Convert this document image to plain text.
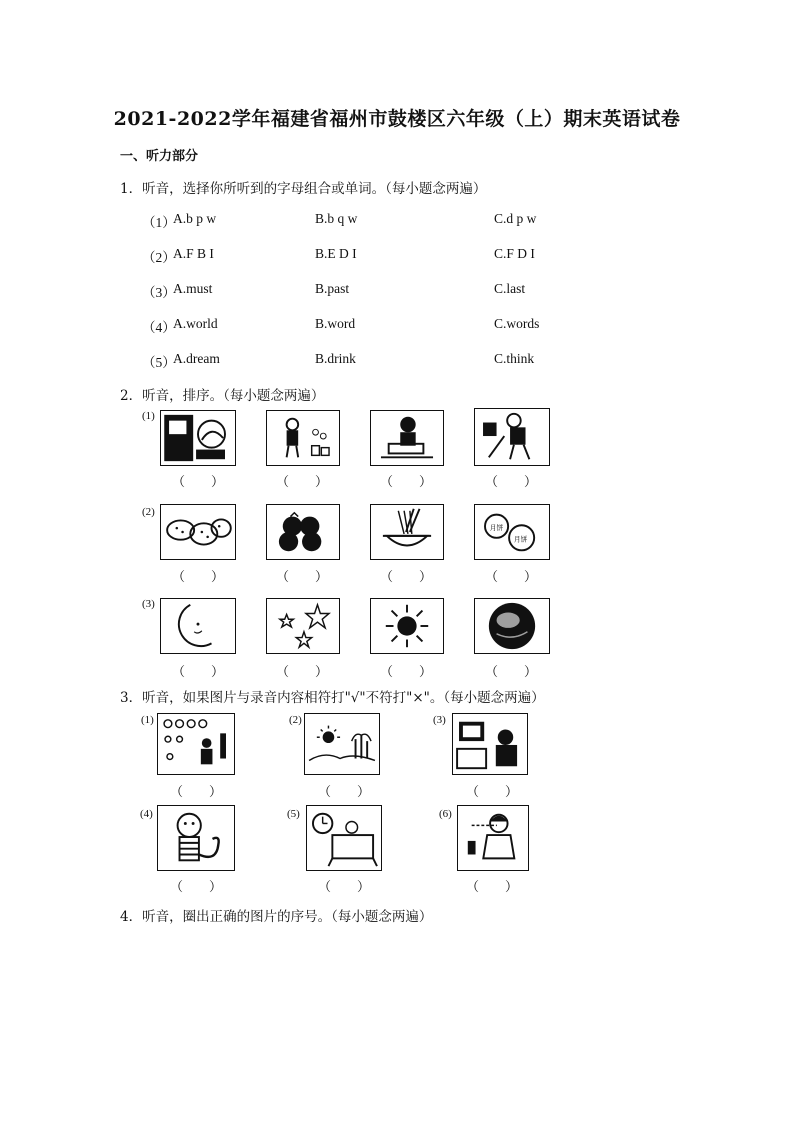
2021-2022学年福建省福州市鼓楼区六年级（上）期末英语试卷
一、听力部分
1．听音，选择你所听到的字母组合或单词。（每小题念两遍）
（1）
A.b p w	B.b q w	C.d p w
（2）
A.F B I	B.E D I	C.F D I
（3）
A.must	B.past	C.last
（4）
A.world	B.word	C.words
（5）
A.dream	B.drink	C.think
2．听音，排序。（每小题念两遍）
(1)
（　　）	（　　）	（　　）	（　　）
(2)
月饼
月饼
（　　）	（　　）	（　　）	（　　）
(3)
（　　）	（　　）	（　　）	（　　）
3．听音，如果图片与录音内容相符打"√"不符打"×"。（每小题念两遍）
(1)	(2)	(3)
（　　）	（　　）	（　　）
(4)	(5)	(6)
（　　）	（　　）	（　　）
4．听音，圈出正确的图片的序号。（每小题念两遍）
